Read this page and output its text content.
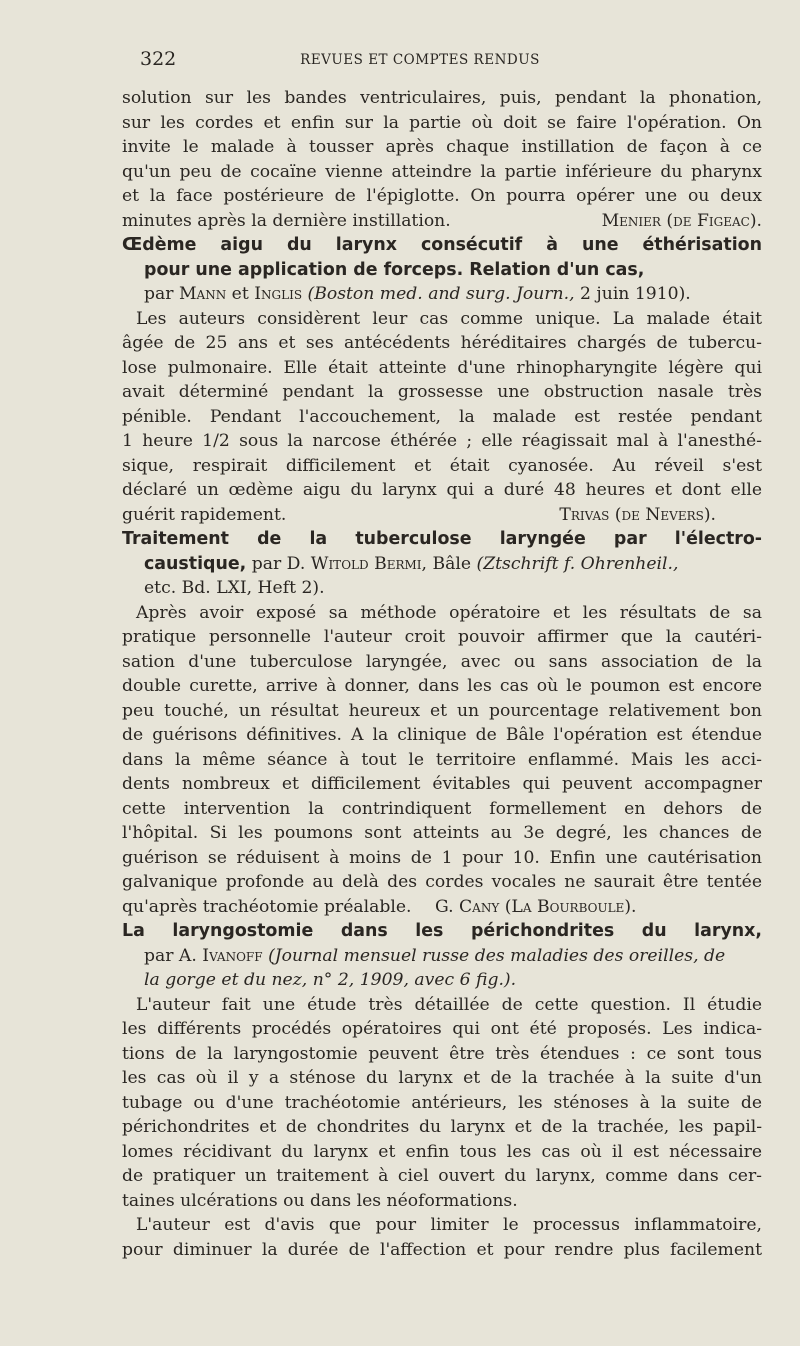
322	REVUES ET COMPTES RENDUS
solution sur les bandes ventriculaires, puis, pendant la phonation,
sur les cordes et enfin sur la partie où doit se faire l'opération. On
invite le malade à tousser après chaque instillation de façon à ce
qu'un peu de cocaïne vienne atteindre la partie inférieure du pharynx
et la face postérieure de l'épiglotte. On pourra opérer une ou deux
minutes après la dernière instillation.	Menier (de Figeac).
Œdème aigu du larynx consécutif à une éthérisation
pour une application de forceps. Relation d'un cas,
par Mann et Inglis (Boston med. and surg. Journ., 2 juin 1910).
Les auteurs considèrent leur cas comme unique. La malade était
âgée de 25 ans et ses antécédents héréditaires chargés de tubercu-
lose pulmonaire. Elle était atteinte d'une rhinopharyngite légère qui
avait déterminé pendant la grossesse une obstruction nasale très
pénible. Pendant l'accouchement, la malade est restée pendant
1 heure 1/2 sous la narcose éthérée ; elle réagissait mal à l'anesthé-
sique, respirait difficilement et était cyanosée. Au réveil s'est
déclaré un œdème aigu du larynx qui a duré 48 heures et dont elle
guérit rapidement.	Trivas (de Nevers).
Traitement de la tuberculose laryngée par l'électro-
caustique, par D. Witold Bermi, Bâle (Ztschrift f. Ohrenheil.,
etc. Bd. LXI, Heft 2).
Après avoir exposé sa méthode opératoire et les résultats de sa
pratique personnelle l'auteur croit pouvoir affirmer que la cautéri-
sation d'une tuberculose laryngée, avec ou sans association de la
double curette, arrive à donner, dans les cas où le poumon est encore
peu touché, un résultat heureux et un pourcentage relativement bon
de guérisons définitives. A la clinique de Bâle l'opération est étendue
dans la même séance à tout le territoire enflammé. Mais les acci-
dents nombreux et difficilement évitables qui peuvent accompagner
cette intervention la contrindiquent formellement en dehors de
l'hôpital. Si les poumons sont atteints au 3e degré, les chances de
guérison se réduisent à moins de 1 pour 10. Enfin une cautérisation
galvanique profonde au delà des cordes vocales ne saurait être tentée
qu'après trachéotomie préalable. G. Cany (La Bourboule).
La laryngostomie dans les périchondrites du larynx,
par A. Ivanoff (Journal mensuel russe des maladies des oreilles, de
la gorge et du nez, n° 2, 1909, avec 6 fig.).
L'auteur fait une étude très détaillée de cette question. Il étudie
les différents procédés opératoires qui ont été proposés. Les indica-
tions de la laryngostomie peuvent être très étendues : ce sont tous
les cas où il y a sténose du larynx et de la trachée à la suite d'un
tubage ou d'une trachéotomie antérieurs, les sténoses à la suite de
périchondrites et de chondrites du larynx et de la trachée, les papil-
lomes récidivant du larynx et enfin tous les cas où il est nécessaire
de pratiquer un traitement à ciel ouvert du larynx, comme dans cer-
taines ulcérations ou dans les néoformations.
L'auteur est d'avis que pour limiter le processus inflammatoire,
pour diminuer la durée de l'affection et pour rendre plus facilement
